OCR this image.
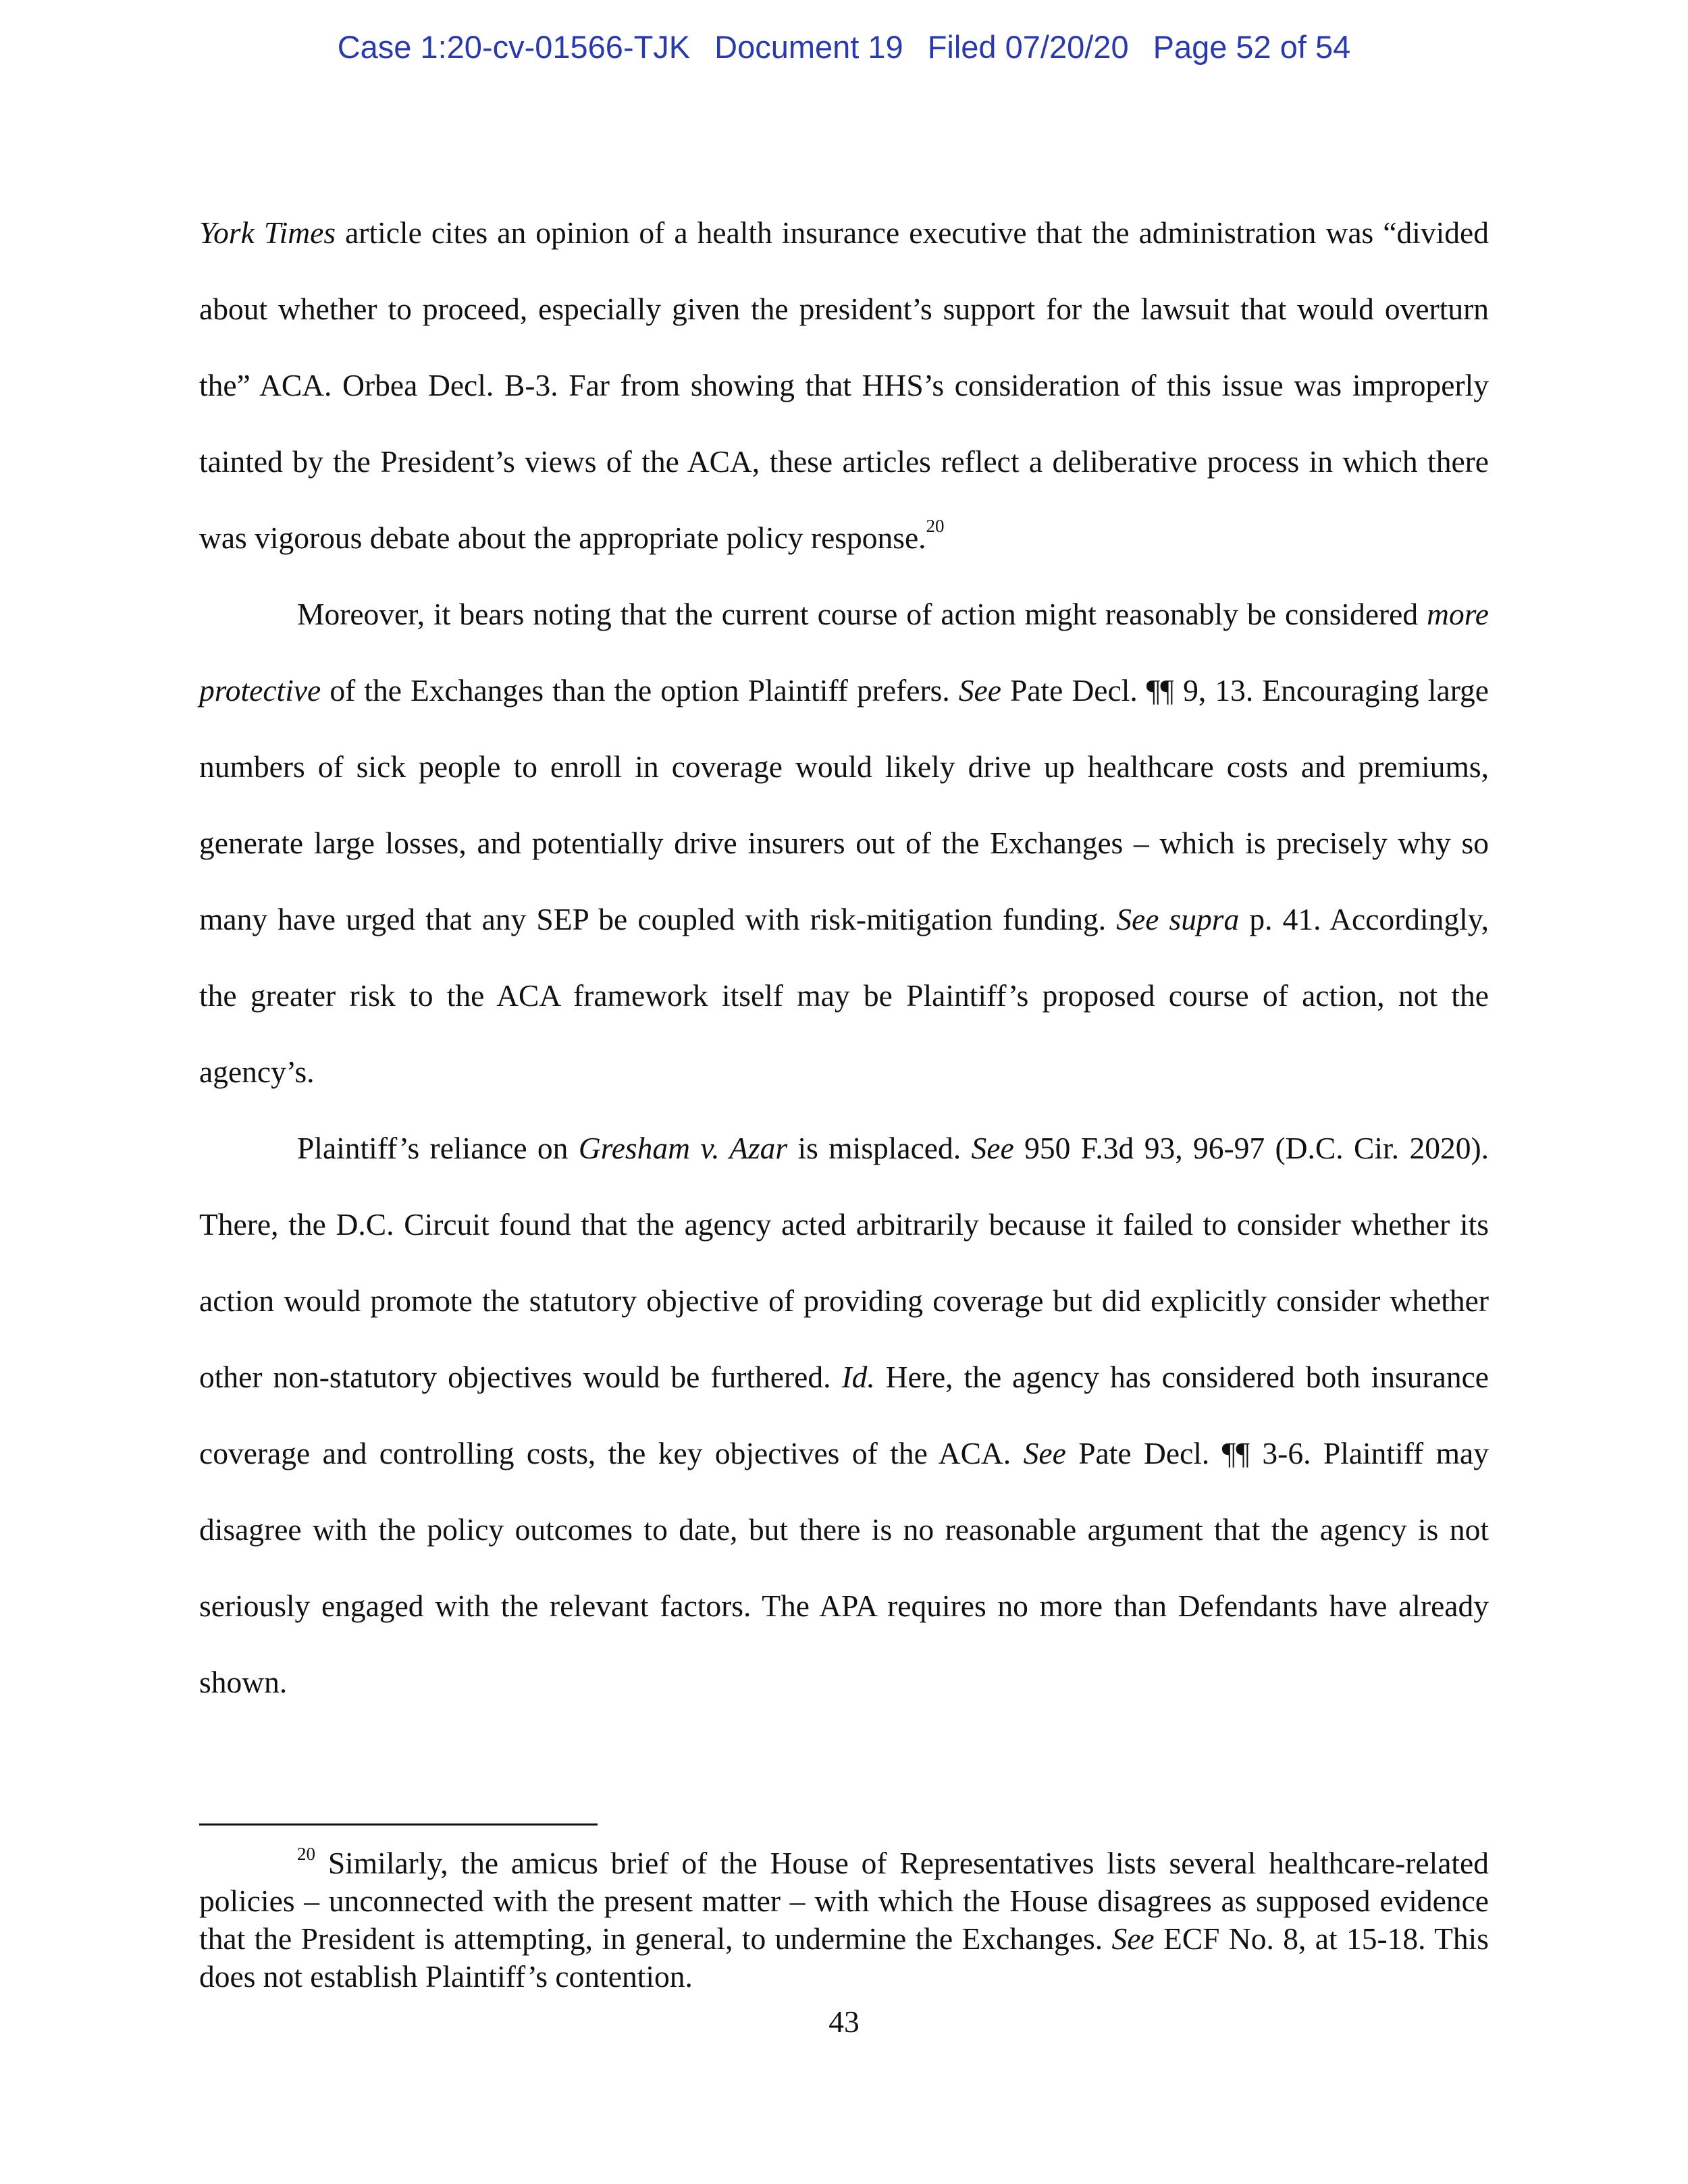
Case 1:20-cv-01566-TJK Document 19 Filed 07/20/20 Page 52 of 54

York Times article cites an opinion of a health insurance executive that the administration was “divided about whether to proceed, especially given the president’s support for the lawsuit that would overturn the” ACA. Orbea Decl. B-3. Far from showing that HHS’s consideration of this issue was improperly tainted by the President’s views of the ACA, these articles reflect a deliberative process in which there was vigorous debate about the appropriate policy response.$^{20}$

Moreover, it bears noting that the current course of action might reasonably be considered more protective of the Exchanges than the option Plaintiff prefers. See Pate Decl. ¶¶ 9, 13. Encouraging large numbers of sick people to enroll in coverage would likely drive up healthcare costs and premiums, generate large losses, and potentially drive insurers out of the Exchanges – which is precisely why so many have urged that any SEP be coupled with risk-mitigation funding. See supra p. 41. Accordingly, the greater risk to the ACA framework itself may be Plaintiff’s proposed course of action, not the agency’s.

Plaintiff’s reliance on Gresham v. Azar is misplaced. See 950 F.3d 93, 96-97 (D.C. Cir. 2020). There, the D.C. Circuit found that the agency acted arbitrarily because it failed to consider whether its action would promote the statutory objective of providing coverage but did explicitly consider whether other non-statutory objectives would be furthered. Id. Here, the agency has considered both insurance coverage and controlling costs, the key objectives of the ACA. See Pate Decl. ¶¶ 3-6. Plaintiff may disagree with the policy outcomes to date, but there is no reasonable argument that the agency is not seriously engaged with the relevant factors. The APA requires no more than Defendants have already shown.

$^{20}$ Similarly, the amicus brief of the House of Representatives lists several healthcare-related policies – unconnected with the present matter – with which the House disagrees as supposed evidence that the President is attempting, in general, to undermine the Exchanges. See ECF No. 8, at 15-18. This does not establish Plaintiff’s contention.
43
